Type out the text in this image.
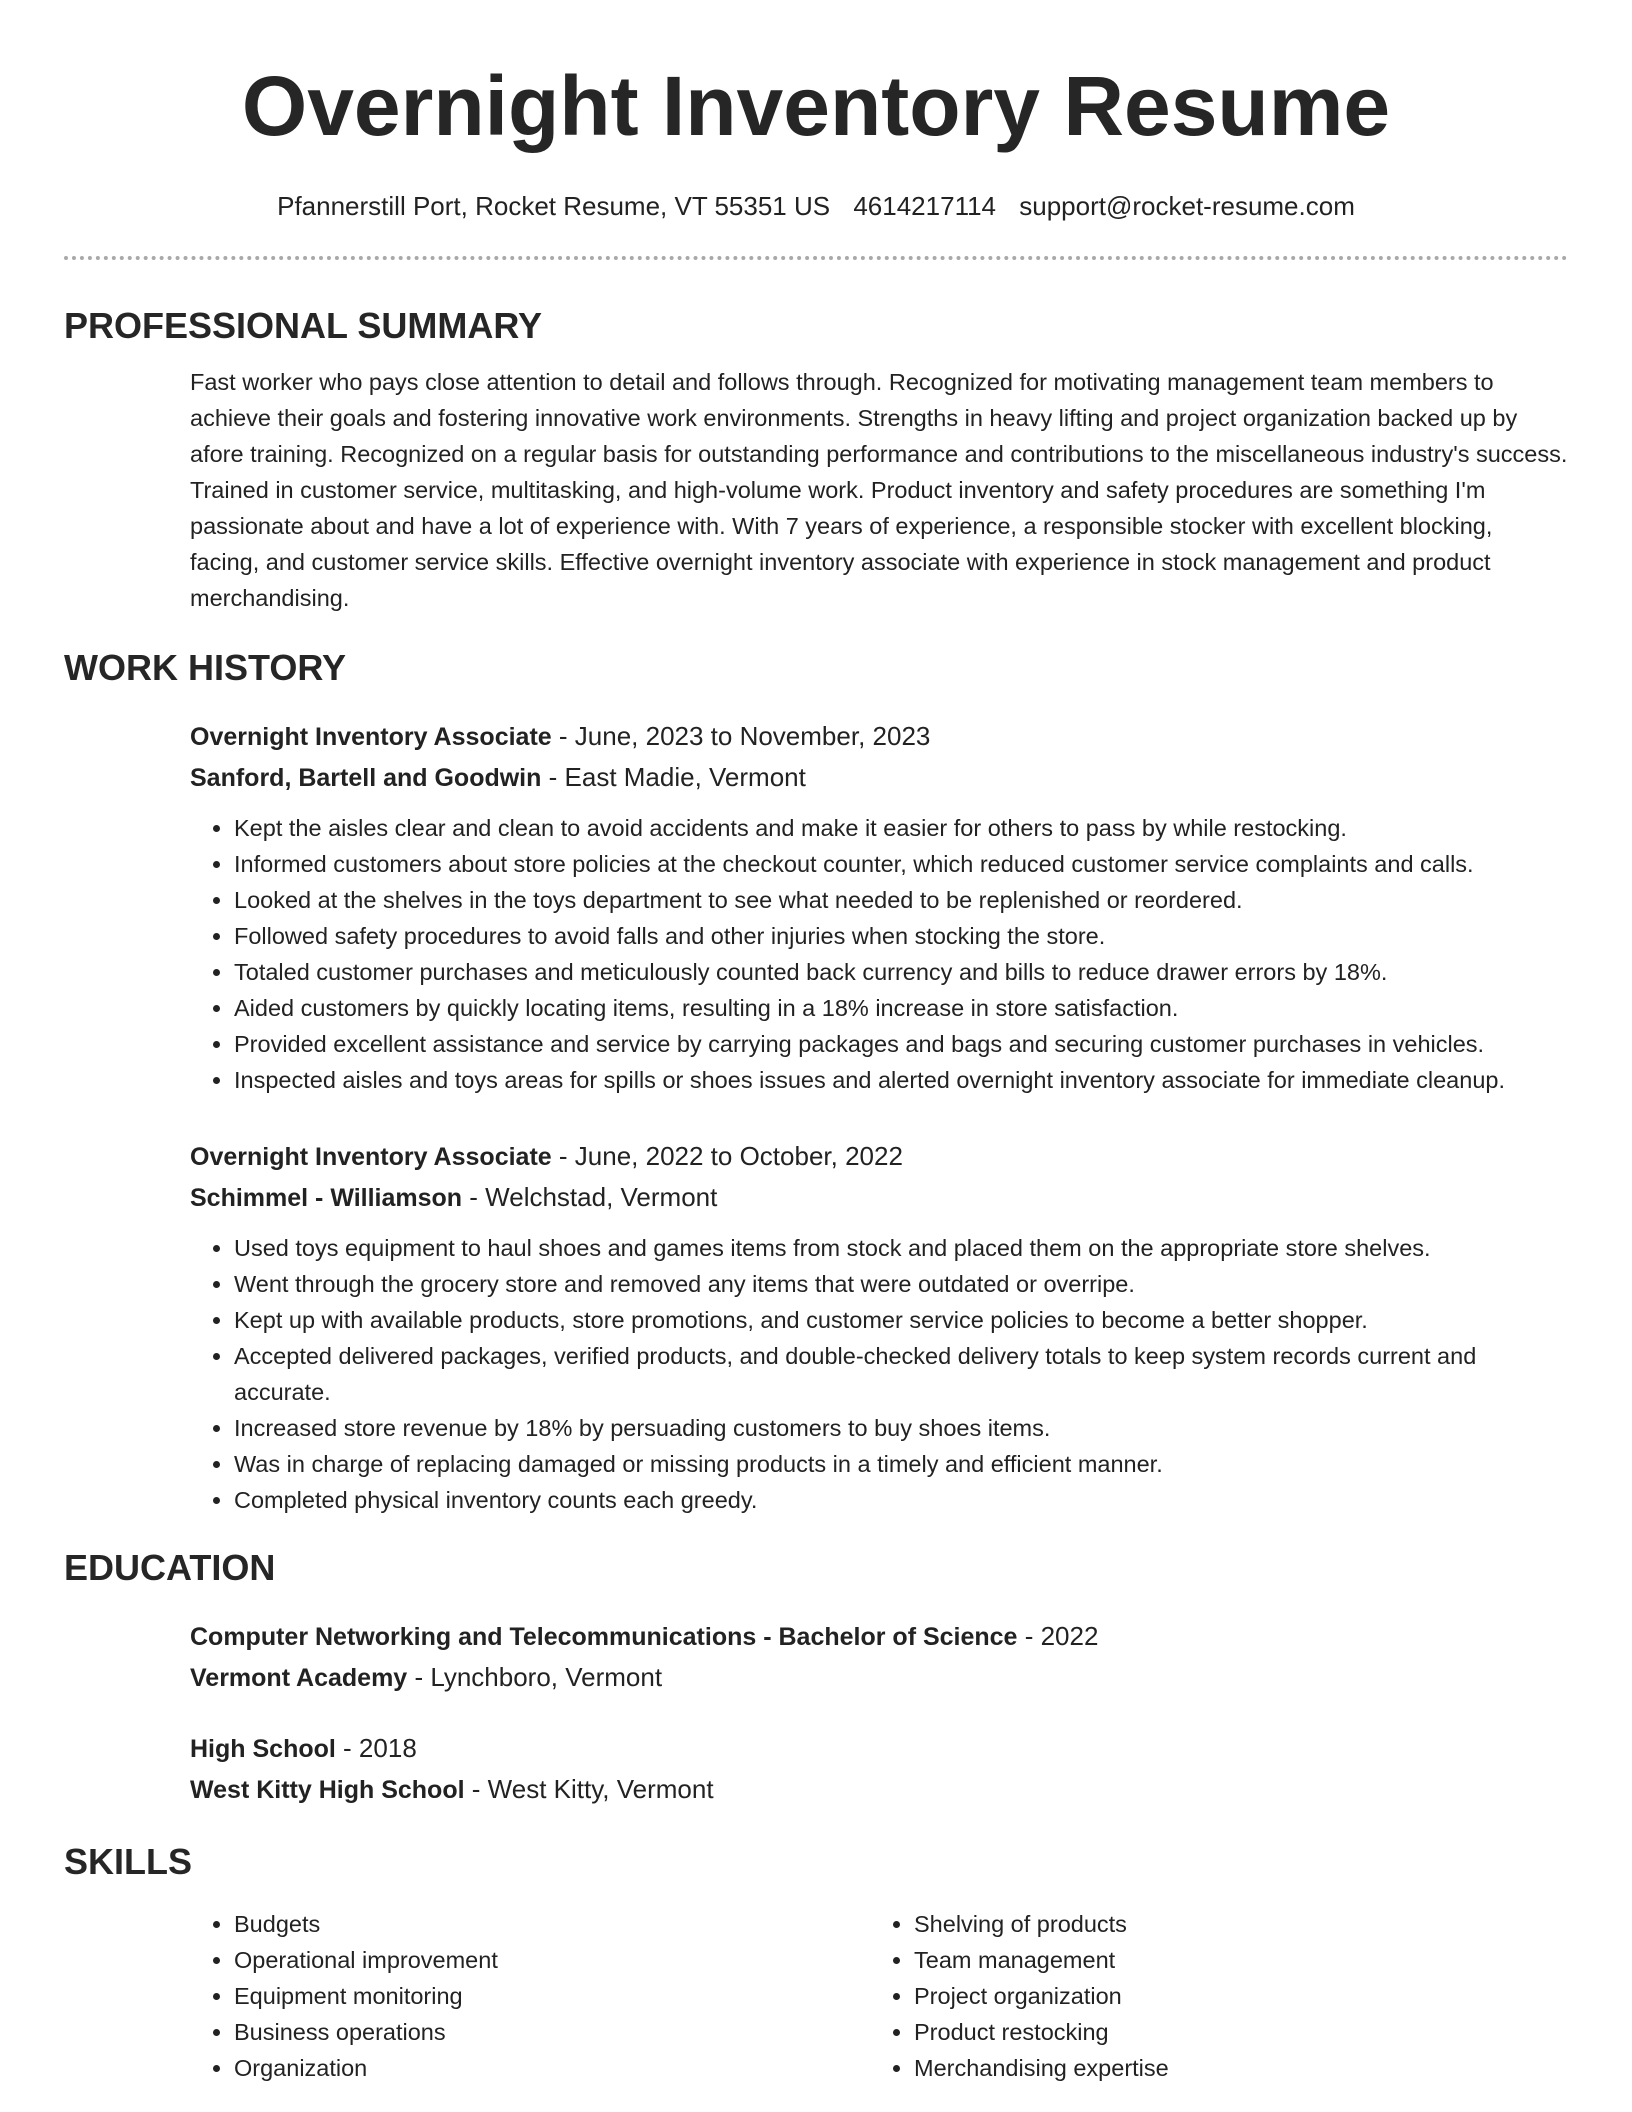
Overnight Inventory Resume
Pfannerstill Port, Rocket Resume, VT 55351 US 4614217114 support@rocket-resume.com
PROFESSIONAL SUMMARY

Fast worker who pays close attention to detail and follows through. Recognized for motivating management team members to achieve their goals and fostering innovative work environments. Strengths in heavy lifting and project organization backed up by afore training. Recognized on a regular basis for outstanding performance and contributions to the miscellaneous industry's success. Trained in customer service, multitasking, and high-volume work. Product inventory and safety procedures are something I'm passionate about and have a lot of experience with. With 7 years of experience, a responsible stocker with excellent blocking, facing, and customer service skills. Effective overnight inventory associate with experience in stock management and product merchandising.

WORK HISTORY
Overnight Inventory Associate - June, 2023 to November, 2023
Sanford, Bartell and Goodwin - East Madie, Vermont
• Kept the aisles clear and clean to avoid accidents and make it easier for others to pass by while restocking.
• Informed customers about store policies at the checkout counter, which reduced customer service complaints and calls.
• Looked at the shelves in the toys department to see what needed to be replenished or reordered.
• Followed safety procedures to avoid falls and other injuries when stocking the store.
• Totaled customer purchases and meticulously counted back currency and bills to reduce drawer errors by 18%.
• Aided customers by quickly locating items, resulting in a 18% increase in store satisfaction.
• Provided excellent assistance and service by carrying packages and bags and securing customer purchases in vehicles.
• Inspected aisles and toys areas for spills or shoes issues and alerted overnight inventory associate for immediate cleanup.
Overnight Inventory Associate - June, 2022 to October, 2022
Schimmel - Williamson - Welchstad, Vermont
• Used toys equipment to haul shoes and games items from stock and placed them on the appropriate store shelves.
• Went through the grocery store and removed any items that were outdated or overripe.
• Kept up with available products, store promotions, and customer service policies to become a better shopper.
• Accepted delivered packages, verified products, and double-checked delivery totals to keep system records current and accurate.
• Increased store revenue by 18% by persuading customers to buy shoes items.
• Was in charge of replacing damaged or missing products in a timely and efficient manner.
• Completed physical inventory counts each greedy.
EDUCATION
Computer Networking and Telecommunications - Bachelor of Science - 2022
Vermont Academy - Lynchboro, Vermont
High School - 2018
West Kitty High School - West Kitty, Vermont
SKILLS
• Budgets
• Operational improvement
• Equipment monitoring
• Business operations
• Organization
• Shelving of products
• Team management
• Project organization
• Product restocking
• Merchandising expertise
